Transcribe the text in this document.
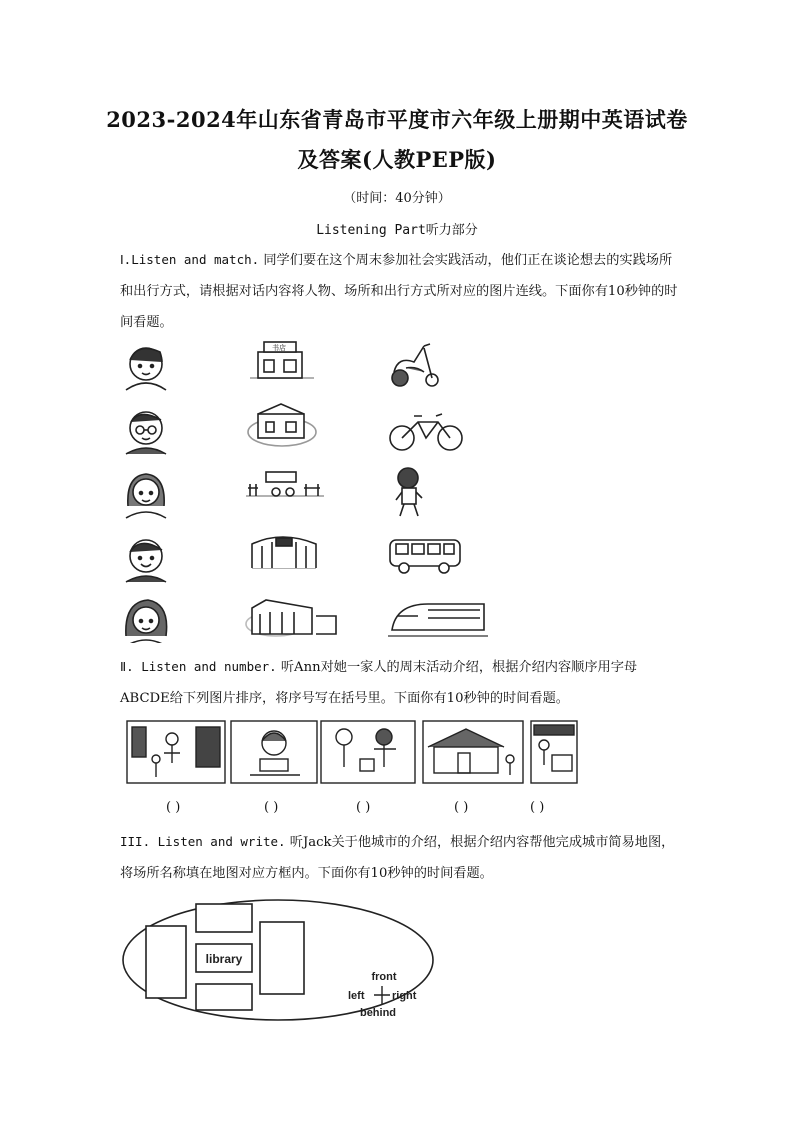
2023-2024年山东省青岛市平度市六年级上册期中英语试卷
及答案(人教PEP版)
（时间：40分钟）
Listening Part听力部分
Ⅰ.Listen and match. 同学们要在这个周末参加社会实践活动，他们正在谈论想去的实践场所和出行方式，请根据对话内容将人物、场所和出行方式所对应的图片连线。下面你有10秒钟的时间看题。
书店
Ⅱ. Listen and number. 听Ann对她一家人的周末活动介绍，根据介绍内容顺序用字母ABCDE给下列图片排序，将序号写在括号里。下面你有10秒钟的时间看题。
( )	( )	( )	( )	( )
III. Listen and write. 听Jack关于他城市的介绍，根据介绍内容帮他完成城市简易地图，将场所名称填在地图对应方框内。下面你有10秒钟的时间看题。
library
front
left	right
behind
